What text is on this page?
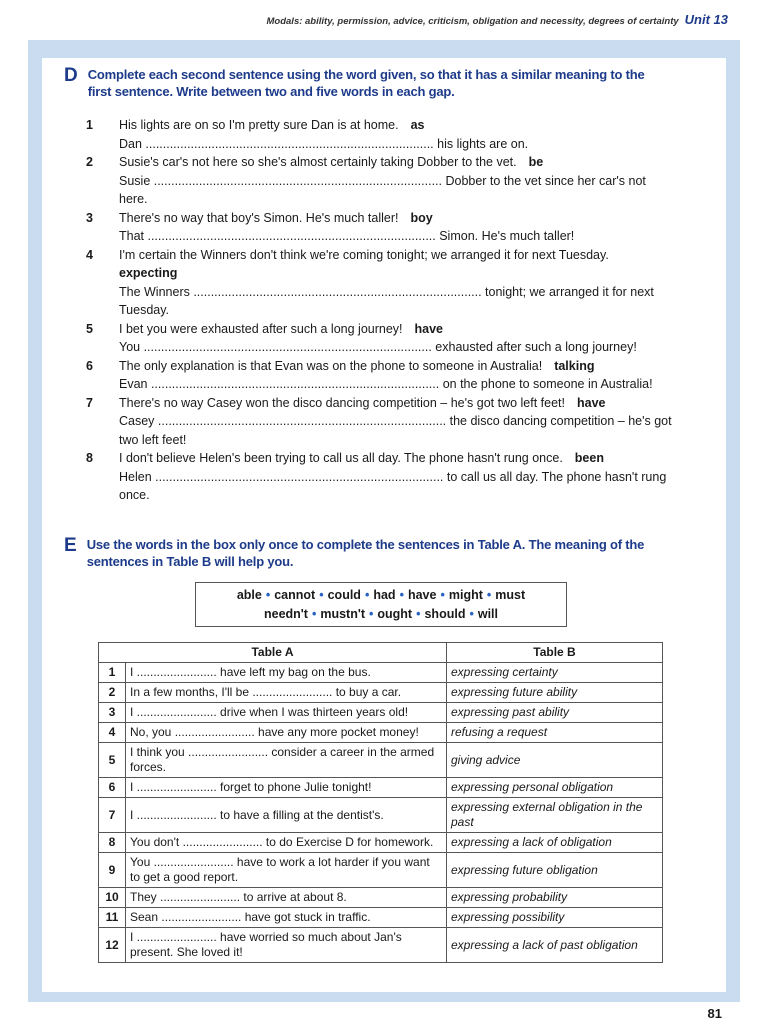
Modals: ability, permission, advice, criticism, obligation and necessity, degrees of certainty Unit 13
D Complete each second sentence using the word given, so that it has a similar meaning to the first sentence. Write between two and five words in each gap.
1	His lights are on so I'm pretty sure Dan is at home. as
Dan ................................................................................... his lights are on.
2	Susie's car's not here so she's almost certainly taking Dobber to the vet. be
Susie ................................................................................... Dobber to the vet since her car's not here.
3	There's no way that boy's Simon. He's much taller! boy
That ................................................................................... Simon. He's much taller!
4	I'm certain the Winners don't think we're coming tonight; we arranged it for next Tuesday.
expecting
The Winners ................................................................................... tonight; we arranged it for next Tuesday.
5	I bet you were exhausted after such a long journey! have
You ................................................................................... exhausted after such a long journey!
6	The only explanation is that Evan was on the phone to someone in Australia! talking
Evan ................................................................................... on the phone to someone in Australia!
7	There's no way Casey won the disco dancing competition – he's got two left feet! have
Casey ................................................................................... the disco dancing competition – he's got two left feet!
8	I don't believe Helen's been trying to call us all day. The phone hasn't rung once. been
Helen ................................................................................... to call us all day. The phone hasn't rung once.
E Use the words in the box only once to complete the sentences in Table A. The meaning of the sentences in Table B will help you.
able • cannot • could • had • have • might • must
needn't • mustn't • ought • should • will
Table A		Table B
1	I ........................ have left my bag on the bus.	expressing certainty
2	In a few months, I'll be ........................ to buy a car.	expressing future ability
3	I ........................ drive when I was thirteen years old!	expressing past ability
4	No, you ........................ have any more pocket money!	refusing a request
5	I think you ........................ consider a career in the armed forces.	giving advice
6	I ........................ forget to phone Julie tonight!	expressing personal obligation
7	I ........................ to have a filling at the dentist's.	expressing external obligation in the past
8	You don't ........................ to do Exercise D for homework.	expressing a lack of obligation
9	You ........................ have to work a lot harder if you want to get a good report.	expressing future obligation
10	They ........................ to arrive at about 8.	expressing probability
11	Sean ........................ have got stuck in traffic.	expressing possibility
12	I ........................ have worried so much about Jan's present. She loved it!	expressing a lack of past obligation
81
